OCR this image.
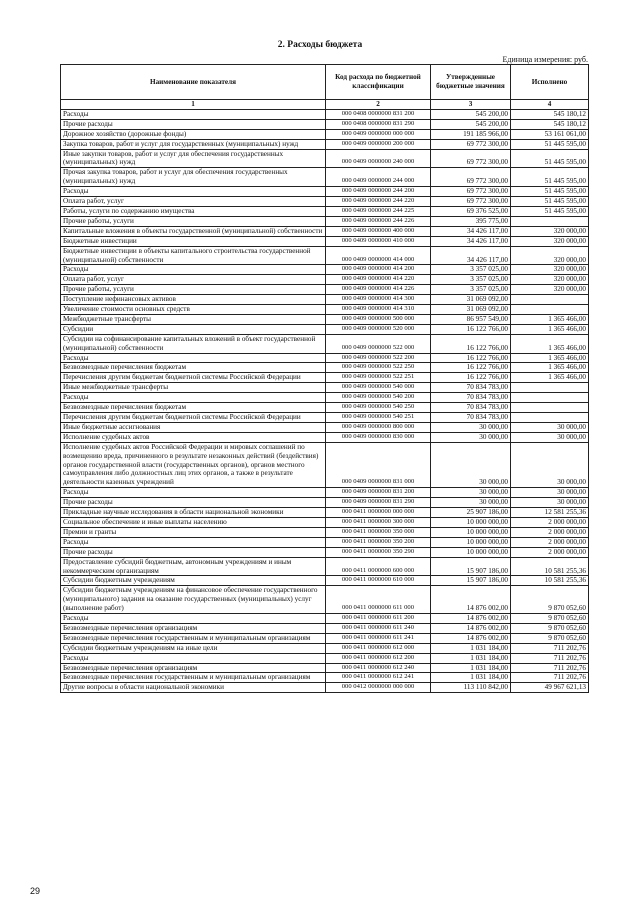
2. Расходы бюджета
Единица измерения: руб.
Наименование показателя	Код расхода по бюджетной классификации	Утвержденные бюджетные значения	Исполнено
1	2	3	4
Расходы	000 0408 0000000 831 200	545 200,00	545 180,12
Прочие расходы	000 0408 0000000 831 290	545 200,00	545 180,12
Дорожное хозяйство (дорожные фонды)	000 0409 0000000 000 000	191 185 966,00	53 161 061,00
Закупка товаров, работ и услуг для государственных (муниципальных) нужд	000 0409 0000000 200 000	69 772 300,00	51 445 595,00
Иные закупки товаров, работ и услуг для обеспечения государственных (муниципальных) нужд	000 0409 0000000 240 000	69 772 300,00	51 445 595,00
Прочая закупка товаров, работ и услуг для обеспечения государственных (муниципальных) нужд	000 0409 0000000 244 000	69 772 300,00	51 445 595,00
Расходы	000 0409 0000000 244 200	69 772 300,00	51 445 595,00
Оплата работ, услуг	000 0409 0000000 244 220	69 772 300,00	51 445 595,00
Работы, услуги по содержанию имущества	000 0409 0000000 244 225	69 376 525,00	51 445 595,00
Прочие работы, услуги	000 0409 0000000 244 226	395 775,00	
Капитальные вложения в объекты государственной (муниципальной) собственности	000 0409 0000000 400 000	34 426 117,00	320 000,00
Бюджетные инвестиции	000 0409 0000000 410 000	34 426 117,00	320 000,00
Бюджетные инвестиции в объекты капитального строительства государственной (муниципальной) собственности	000 0409 0000000 414 000	34 426 117,00	320 000,00
Расходы	000 0409 0000000 414 200	3 357 025,00	320 000,00
Оплата работ, услуг	000 0409 0000000 414 220	3 357 025,00	320 000,00
Прочие работы, услуги	000 0409 0000000 414 226	3 357 025,00	320 000,00
Поступление нефинансовых активов	000 0409 0000000 414 300	31 069 092,00	
Увеличение стоимости основных средств	000 0409 0000000 414 310	31 069 092,00	
Межбюджетные трансферты	000 0409 0000000 500 000	86 957 549,00	1 365 466,00
Субсидии	000 0409 0000000 520 000	16 122 766,00	1 365 466,00
Субсидии на софинансирование капитальных вложений в объект государственной (муниципальной) собственности	000 0409 0000000 522 000	16 122 766,00	1 365 466,00
Расходы	000 0409 0000000 522 200	16 122 766,00	1 365 466,00
Безвозмездные перечисления бюджетам	000 0409 0000000 522 250	16 122 766,00	1 365 466,00
Перечисления другим бюджетам бюджетной системы Российской Федерации	000 0409 0000000 522 251	16 122 766,00	1 365 466,00
Иные межбюджетные трансферты	000 0409 0000000 540 000	70 834 783,00	
Расходы	000 0409 0000000 540 200	70 834 783,00	
Безвозмездные перечисления бюджетам	000 0409 0000000 540 250	70 834 783,00	
Перечисления другим бюджетам бюджетной системы Российской Федерации	000 0409 0000000 540 251	70 834 783,00	
Иные бюджетные ассигнования	000 0409 0000000 800 000	30 000,00	30 000,00
Исполнение судебных актов	000 0409 0000000 830 000	30 000,00	30 000,00
Исполнение судебных актов Российской Федерации и мировых соглашений по возмещению вреда, причиненного в результате незаконных действий (бездействия) органов государственной власти (государственных органов), органов местного самоуправления либо должностных лиц этих органов, а также в результате деятельности казенных учреждений	000 0409 0000000 831 000	30 000,00	30 000,00
Расходы	000 0409 0000000 831 200	30 000,00	30 000,00
Прочие расходы	000 0409 0000000 831 290	30 000,00	30 000,00
Прикладные научные исследования в области национальной экономики	000 0411 0000000 000 000	25 907 186,00	12 581 255,36
Социальное обеспечение и иные выплаты населению	000 0411 0000000 300 000	10 000 000,00	2 000 000,00
Премии и гранты	000 0411 0000000 350 000	10 000 000,00	2 000 000,00
Расходы	000 0411 0000000 350 200	10 000 000,00	2 000 000,00
Прочие расходы	000 0411 0000000 350 290	10 000 000,00	2 000 000,00
Предоставление субсидий бюджетным, автономным учреждениям и иным некоммерческим организациям	000 0411 0000000 600 000	15 907 186,00	10 581 255,36
Субсидии бюджетным учреждениям	000 0411 0000000 610 000	15 907 186,00	10 581 255,36
Субсидии бюджетным учреждениям на финансовое обеспечение государственного (муниципального) задания на оказание государственных (муниципальных) услуг (выполнение работ)	000 0411 0000000 611 000	14 876 002,00	9 870 052,60
Расходы	000 0411 0000000 611 200	14 876 002,00	9 870 052,60
Безвозмездные перечисления организациям	000 0411 0000000 611 240	14 876 002,00	9 870 052,60
Безвозмездные перечисления государственным и муниципальным организациям	000 0411 0000000 611 241	14 876 002,00	9 870 052,60
Субсидии бюджетным учреждениям на иные цели	000 0411 0000000 612 000	1 031 184,00	711 202,76
Расходы	000 0411 0000000 612 200	1 031 184,00	711 202,76
Безвозмездные перечисления организациям	000 0411 0000000 612 240	1 031 184,00	711 202,76
Безвозмездные перечисления государственным и муниципальным организациям	000 0411 0000000 612 241	1 031 184,00	711 202,76
Другие вопросы в области национальной экономики	000 0412 0000000 000 000	113 110 842,00	49 967 621,13
29
